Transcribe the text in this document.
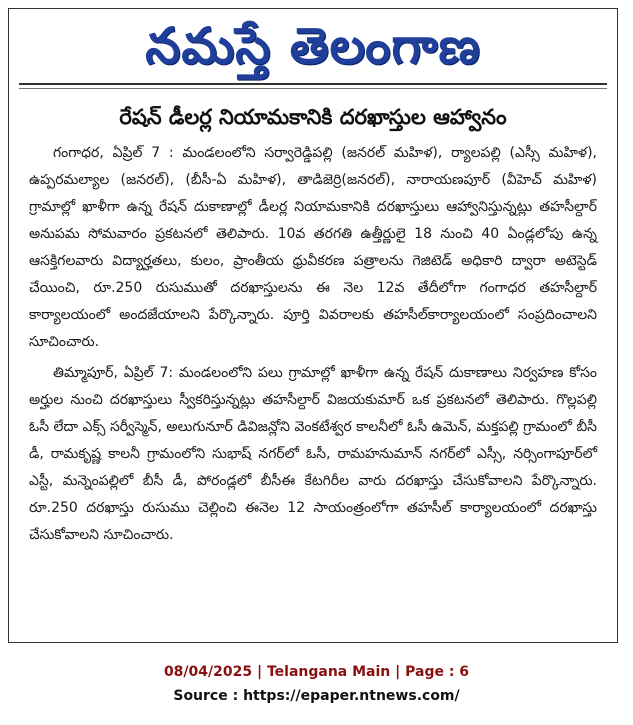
నమస్తే తెలంగాణ
రేషన్ డీలర్ల నియామకానికి దరఖాస్తుల ఆహ్వానం

గంగాధర, ఏప్రిల్ 7 : మండలంలోని సర్వారెడ్డిపల్లి (జనరల్ మహిళ), ర్యాలపల్లి (ఎస్సీ మహిళ), ఉప్పరమల్యాల (జనరల్), (బీసీ-ఏ మహిళ), తాడిజెర్రి(జనరల్), నారాయణపూర్ (వీహెచ్ మహిళ) గ్రామాల్లో ఖాళీగా ఉన్న రేషన్ దుకాణాల్లో డీలర్ల నియామకానికి దరఖాస్తులు ఆహ్వానిస్తున్నట్లు తహసీల్దార్ అనుపమ సోమవారం ప్రకటనలో తెలిపారు. 10వ తరగతి ఉత్తీర్ణులై 18 నుంచి 40 ఏండ్లలోపు ఉన్న ఆసక్తిగలవారు విద్యార్హతలు, కులం, ప్రాంతీయ ధ్రువీకరణ పత్రాలను గెజిటెడ్ అధికారి ద్వారా అటెస్టెడ్ చేయించి, రూ.250 రుసుముతో దరఖాస్తులను ఈ నెల 12వ తేదీలోగా గంగాధర తహసీల్దార్ కార్యాలయంలో అందజేయాలని పేర్కొన్నారు. పూర్తి వివరాలకు తహసీల్‌కార్యాలయంలో సంప్రదించాలని సూచించారు.

తిమ్మాపూర్, ఏప్రిల్ 7: మండలంలోని పలు గ్రామాల్లో ఖాళీగా ఉన్న రేషన్ దుకాణాలు నిర్వహణ కోసం అర్హుల నుంచి దరఖాస్తులు స్వీకరిస్తున్నట్లు తహసీల్దార్ విజయకుమార్ ఒక ప్రకటనలో తెలిపారు. గొల్లపల్లి ఓసీ లేదా ఎక్స్ సర్వీస్మెన్, అలుగునూర్ డివిజన్లోని వెంకటేశ్వర కాలనీలో ఓసీ ఉమెన్, మక్తపల్లి గ్రామంలో బీసీ డీ, రామకృష్ణ కాలనీ గ్రామంలోని సుభాష్ నగర్‌లో ఓసీ, రామహనుమాన్ నగర్‌లో ఎస్సీ, నర్సింగాపూర్‌లో ఎస్టీ, మన్నెంపల్లిలో బీసీ డీ, పోరండ్లలో బీసీఈ కేటగిరీల వారు దరఖాస్తు చేసుకోవాలని పేర్కొన్నారు. రూ.250 దరఖాస్తు రుసుము చెల్లించి ఈనెల 12 సాయంత్రంలోగా తహసీల్ కార్యాలయంలో దరఖాస్తు చేసుకోవాలని సూచించారు.

08/04/2025 | Telangana Main | Page : 6
Source : https://epaper.ntnews.com/
